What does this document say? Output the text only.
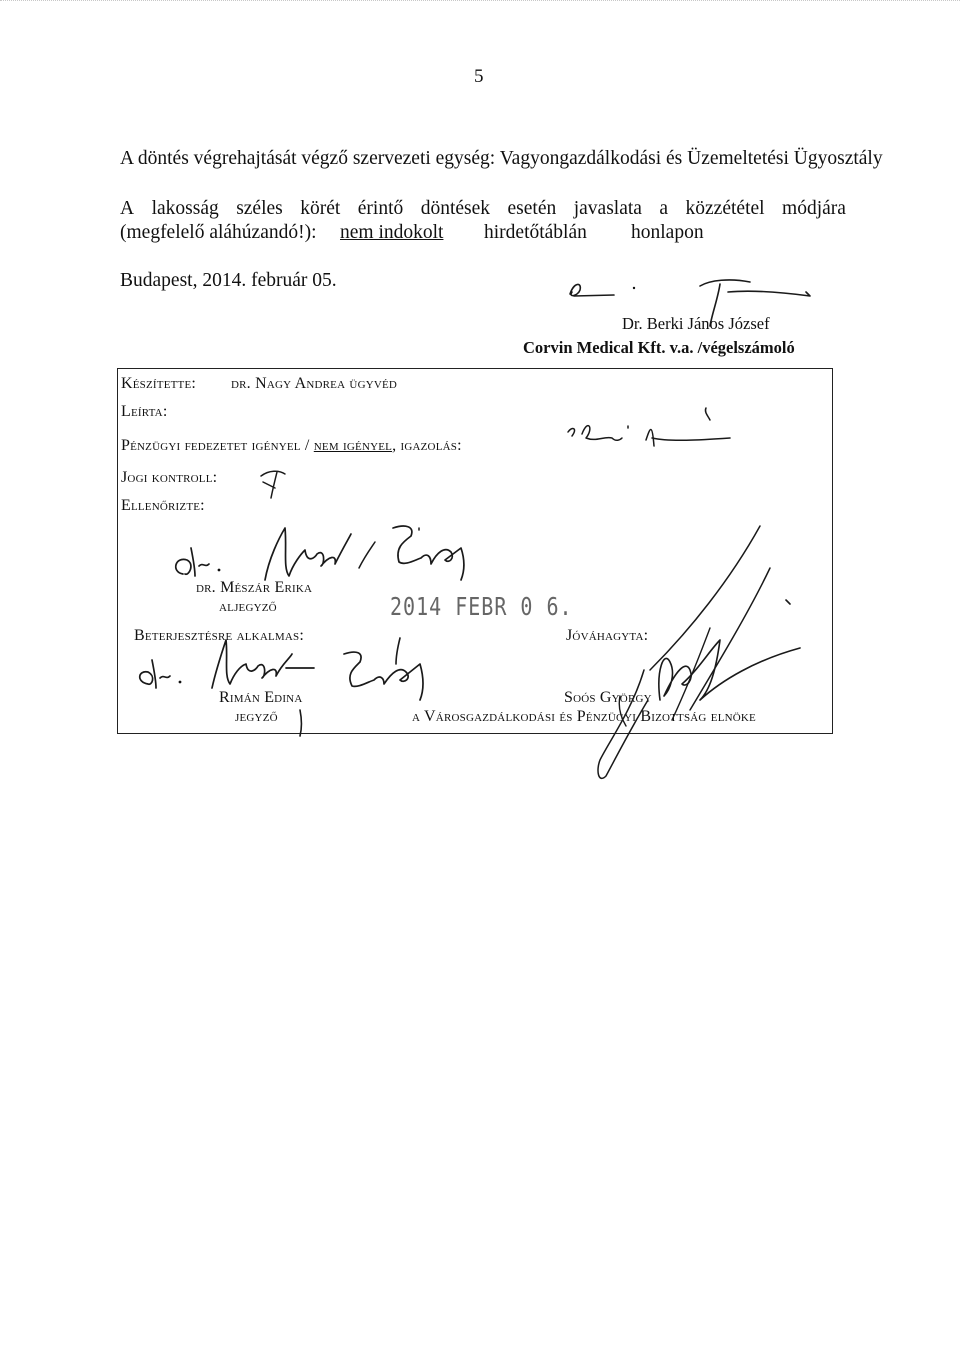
5
A döntés végrehajtását végző szervezeti egység: Vagyongazdálkodási és Üzemeltetési Ügyosztály
A lakosság széles körét érintő döntések esetén javaslata a közzététel módjára
(megfelelő aláhúzandó!): nem indokolt hirdetőtáblán honlapon
Budapest, 2014. február 05.
Dr. Berki János József
Corvin Medical Kft. v.a. /végelszámoló
Készítette: dr. Nagy Andrea ügyvéd
Leírta:
Pénzügyi fedezetet igényel / nem igényel, igazolás:
Jogi kontroll:
Ellenőrizte:
dr. Mészár Erika
aljegyző	2014 FEBR 0 6.
Beterjesztésre alkalmas:	Jóváhagyta:
Rimán Edina
jegyző
Soós György
a Városgazdálkodási és Pénzügyi Bizottság elnöke
